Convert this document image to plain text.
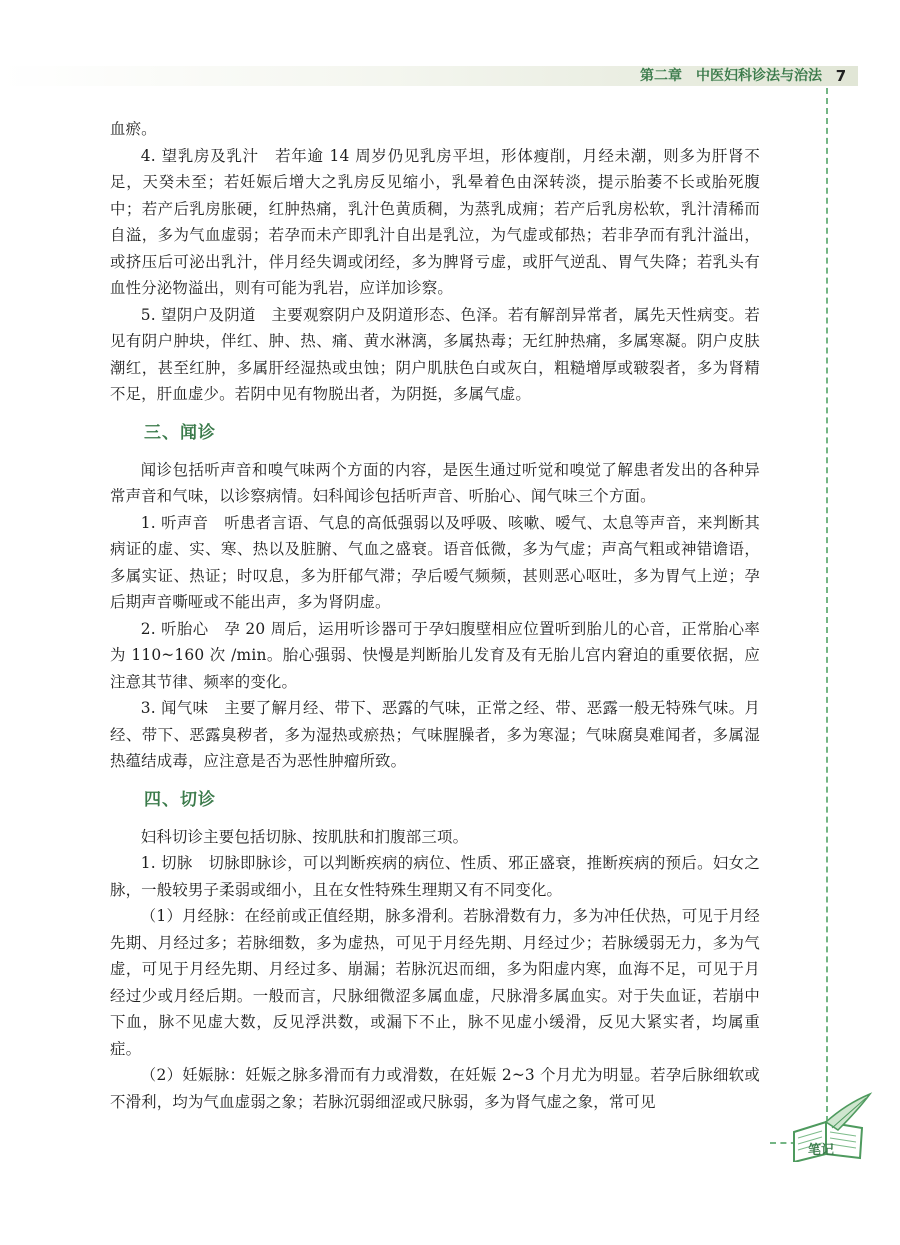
第二章　中医妇科诊法与治法 7
笔记

血瘀。

4. 望乳房及乳汁　若年逾 14 周岁仍见乳房平坦，形体瘦削，月经未潮，则多为肝肾不足，天癸未至；若妊娠后增大之乳房反见缩小，乳晕着色由深转淡，提示胎萎不长或胎死腹中；若产后乳房胀硬，红肿热痛，乳汁色黄质稠，为蒸乳成痈；若产后乳房松软，乳汁清稀而自溢，多为气血虚弱；若孕而未产即乳汁自出是乳泣，为气虚或郁热；若非孕而有乳汁溢出，或挤压后可泌出乳汁，伴月经失调或闭经，多为脾肾亏虚，或肝气逆乱、胃气失降；若乳头有血性分泌物溢出，则有可能为乳岩，应详加诊察。

5. 望阴户及阴道　主要观察阴户及阴道形态、色泽。若有解剖异常者，属先天性病变。若见有阴户肿块，伴红、肿、热、痛、黄水淋漓，多属热毒；无红肿热痛，多属寒凝。阴户皮肤潮红，甚至红肿，多属肝经湿热或虫蚀；阴户肌肤色白或灰白，粗糙增厚或皲裂者，多为肾精不足，肝血虚少。若阴中见有物脱出者，为阴挺，多属气虚。

三、闻诊

闻诊包括听声音和嗅气味两个方面的内容，是医生通过听觉和嗅觉了解患者发出的各种异常声音和气味，以诊察病情。妇科闻诊包括听声音、听胎心、闻气味三个方面。

1. 听声音　听患者言语、气息的高低强弱以及呼吸、咳嗽、嗳气、太息等声音，来判断其病证的虚、实、寒、热以及脏腑、气血之盛衰。语音低微，多为气虚；声高气粗或神错谵语，多属实证、热证；时叹息，多为肝郁气滞；孕后嗳气频频，甚则恶心呕吐，多为胃气上逆；孕后期声音嘶哑或不能出声，多为肾阴虚。

2. 听胎心　孕 20 周后，运用听诊器可于孕妇腹壁相应位置听到胎儿的心音，正常胎心率为 110~160 次 /min。胎心强弱、快慢是判断胎儿发育及有无胎儿宫内窘迫的重要依据，应注意其节律、频率的变化。

3. 闻气味　主要了解月经、带下、恶露的气味，正常之经、带、恶露一般无特殊气味。月经、带下、恶露臭秽者，多为湿热或瘀热；气味腥臊者，多为寒湿；气味腐臭难闻者，多属湿热蕴结成毒，应注意是否为恶性肿瘤所致。

四、切诊

妇科切诊主要包括切脉、按肌肤和扪腹部三项。

1. 切脉　切脉即脉诊，可以判断疾病的病位、性质、邪正盛衰，推断疾病的预后。妇女之脉，一般较男子柔弱或细小，且在女性特殊生理期又有不同变化。

（1）月经脉：在经前或正值经期，脉多滑利。若脉滑数有力，多为冲任伏热，可见于月经先期、月经过多；若脉细数，多为虚热，可见于月经先期、月经过少；若脉缓弱无力，多为气虚，可见于月经先期、月经过多、崩漏；若脉沉迟而细，多为阳虚内寒，血海不足，可见于月经过少或月经后期。一般而言，尺脉细微涩多属血虚，尺脉滑多属血实。对于失血证，若崩中下血，脉不见虚大数，反见浮洪数，或漏下不止，脉不见虚小缓滑，反见大紧实者，均属重症。

（2）妊娠脉：妊娠之脉多滑而有力或滑数，在妊娠 2~3 个月尤为明显。若孕后脉细软或不滑利，均为气血虚弱之象；若脉沉弱细涩或尺脉弱，多为肾气虚之象，常可见
